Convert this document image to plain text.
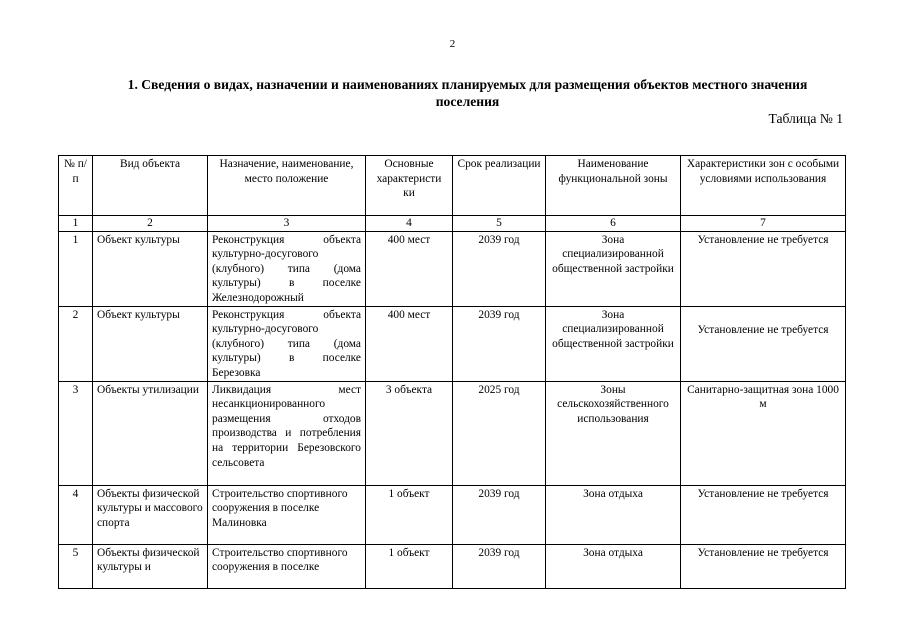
2
1. Сведения о видах, назначении и наименованиях планируемых для размещения объектов местного значения поселения
Таблица № 1
№ п/п	Вид объекта	Назначение, наименование, место положение	Основные характеристи ки	Срок реализации	Наименование функциональной зоны	Характеристики зон с особыми условиями использования
1	2	3	4	5	6	7
1	Объект культуры	Реконструкция объекта культурно-досугового (клубного) типа (дома культуры) в поселке Железнодорожный	400 мест	2039 год	Зона специализированной общественной застройки	Установление не требуется
2	Объект культуры	Реконструкция объекта культурно-досугового (клубного) типа (дома культуры) в поселке Березовка	400 мест	2039 год	Зона специализированной общественной застройки	Установление не требуется

3	Объекты утилизации	Ликвидация мест несанкционированного размещения отходов производства и потребления на территории Березовского сельсовета	3 объекта	2025 год	Зоны сельскохозяйственного использования	Санитарно-защитная зона 1000 м
4	Объекты физической культуры и массового спорта	Строительство спортивного сооружения в поселке Малиновка	1 объект	2039 год	Зона отдыха	Установление не требуется
5	Объекты физической культуры и	Строительство спортивного сооружения в поселке	1 объект	2039 год	Зона отдыха	Установление не требуется
